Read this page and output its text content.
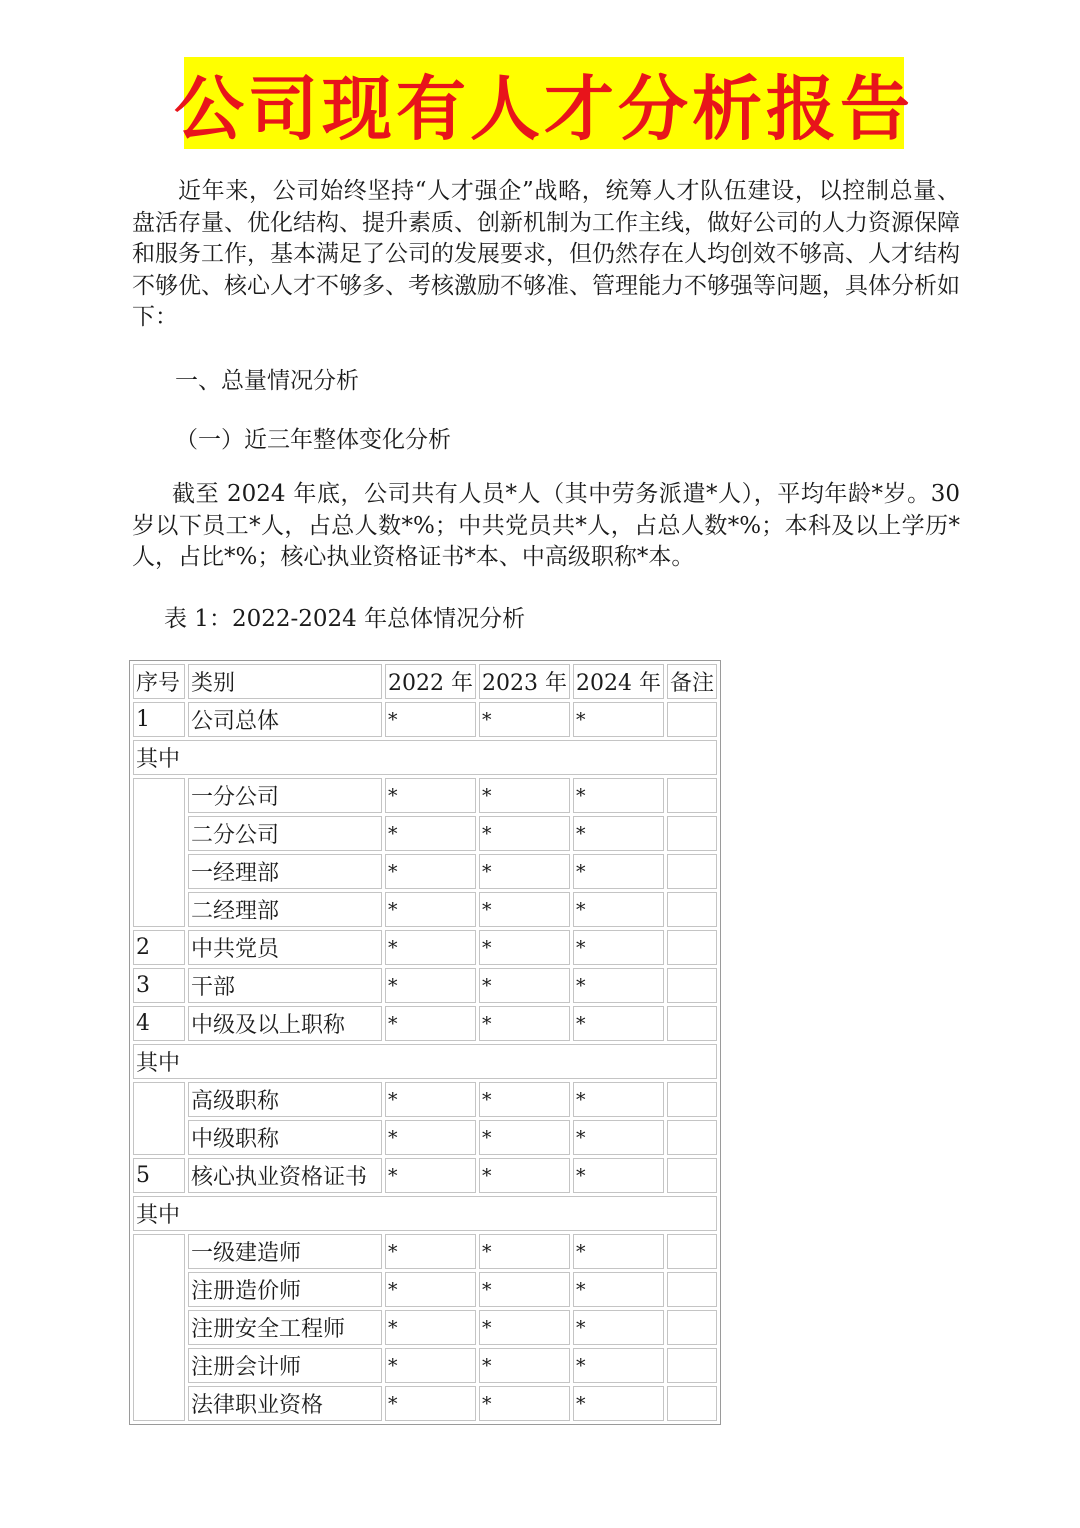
公司现有人才分析报告

近年来，公司始终坚持“人才强企”战略，统筹人才队伍建设，以控制总量、盘活存量、优化结构、提升素质、创新机制为工作主线，做好公司的人力资源保障和服务工作，基本满足了公司的发展要求，但仍然存在人均创效不够高、人才结构不够优、核心人才不够多、考核激励不够准、管理能力不够强等问题，具体分析如下：

一、总量情况分析

（一）近三年整体变化分析

截至 2024 年底，公司共有人员*人（其中劳务派遣*人），平均年龄*岁。30 岁以下员工*人，占总人数*%；中共党员共*人，占总人数*%；本科及以上学历*人，占比*%；核心执业资格证书*本、中高级职称*本。

表 1：2022-2024 年总体情况分析

序号	类别	2022 年	2023 年	2024 年	备注
1	公司总体	*	*	*	
其中					
	一分公司	*	*	*	
	二分公司	*	*	*	
	一经理部	*	*	*	
	二经理部	*	*	*	
2	中共党员	*	*	*	
3	干部	*	*	*	
4	中级及以上职称	*	*	*	
其中					
	高级职称	*	*	*	
	中级职称	*	*	*	
5	核心执业资格证书	*	*	*	
其中					
	一级建造师	*	*	*	
	注册造价师	*	*	*	
	注册安全工程师	*	*	*	
	注册会计师	*	*	*	
	法律职业资格	*	*	*	
